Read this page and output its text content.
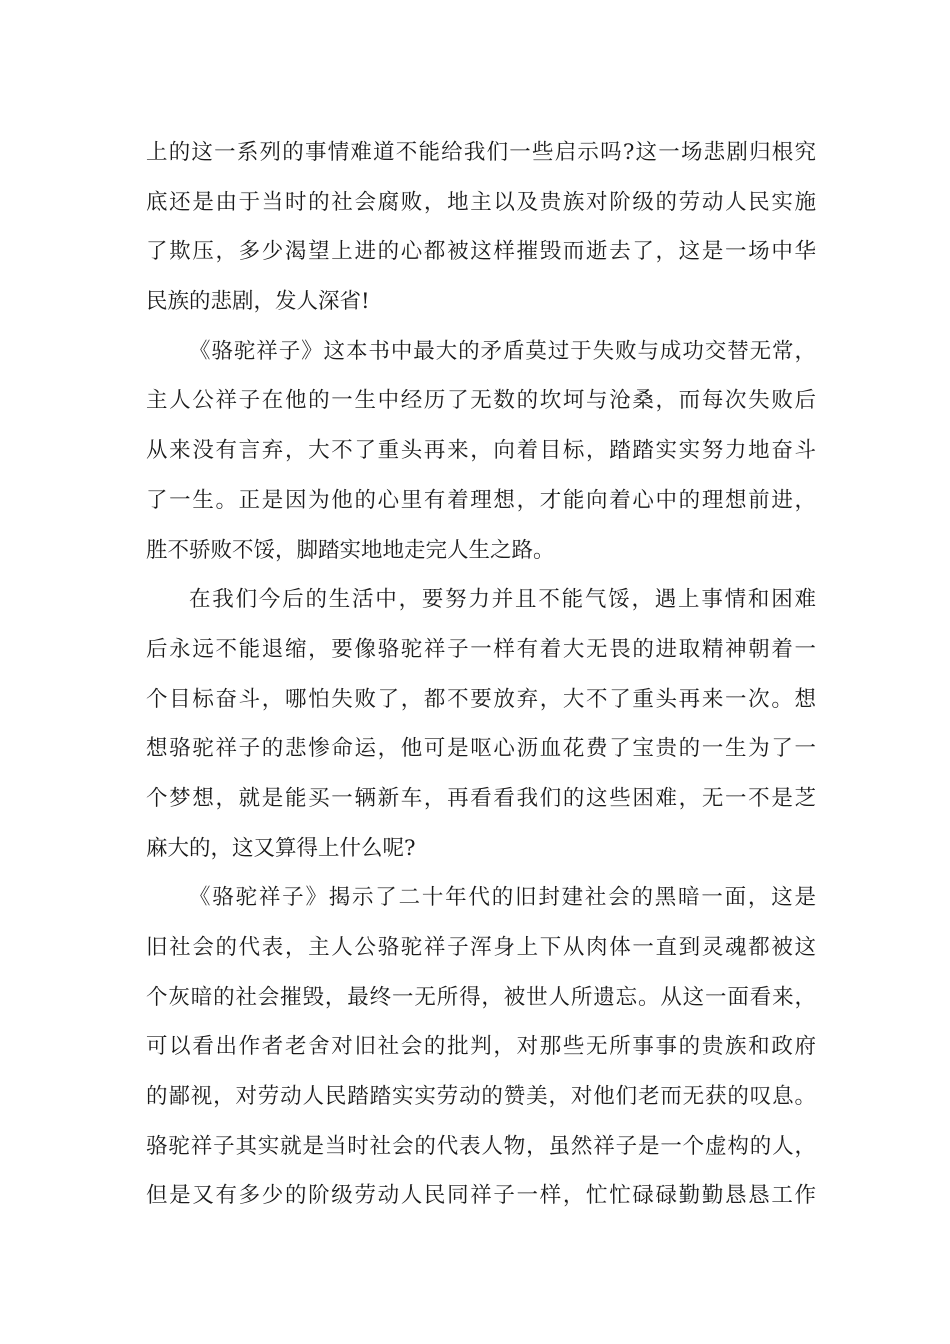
上的这一系列的事情难道不能给我们一些启示吗?这一场悲剧归根究
底还是由于当时的社会腐败，地主以及贵族对阶级的劳动人民实施
了欺压，多少渴望上进的心都被这样摧毁而逝去了，这是一场中华
民族的悲剧，发人深省!
《骆驼祥子》这本书中最大的矛盾莫过于失败与成功交替无常，
主人公祥子在他的一生中经历了无数的坎坷与沧桑，而每次失败后
从来没有言弃，大不了重头再来，向着目标，踏踏实实努力地奋斗
了一生。正是因为他的心里有着理想，才能向着心中的理想前进，
胜不骄败不馁，脚踏实地地走完人生之路。
在我们今后的生活中，要努力并且不能气馁，遇上事情和困难
后永远不能退缩，要像骆驼祥子一样有着大无畏的进取精神朝着一
个目标奋斗，哪怕失败了，都不要放弃，大不了重头再来一次。想
想骆驼祥子的悲惨命运，他可是呕心沥血花费了宝贵的一生为了一
个梦想，就是能买一辆新车，再看看我们的这些困难，无一不是芝
麻大的，这又算得上什么呢?
《骆驼祥子》揭示了二十年代的旧封建社会的黑暗一面，这是
旧社会的代表，主人公骆驼祥子浑身上下从肉体一直到灵魂都被这
个灰暗的社会摧毁，最终一无所得，被世人所遗忘。从这一面看来，
可以看出作者老舍对旧社会的批判，对那些无所事事的贵族和政府
的鄙视，对劳动人民踏踏实实劳动的赞美，对他们老而无获的叹息。
骆驼祥子其实就是当时社会的代表人物，虽然祥子是一个虚构的人，
但是又有多少的阶级劳动人民同祥子一样，忙忙碌碌勤勤恳恳工作
